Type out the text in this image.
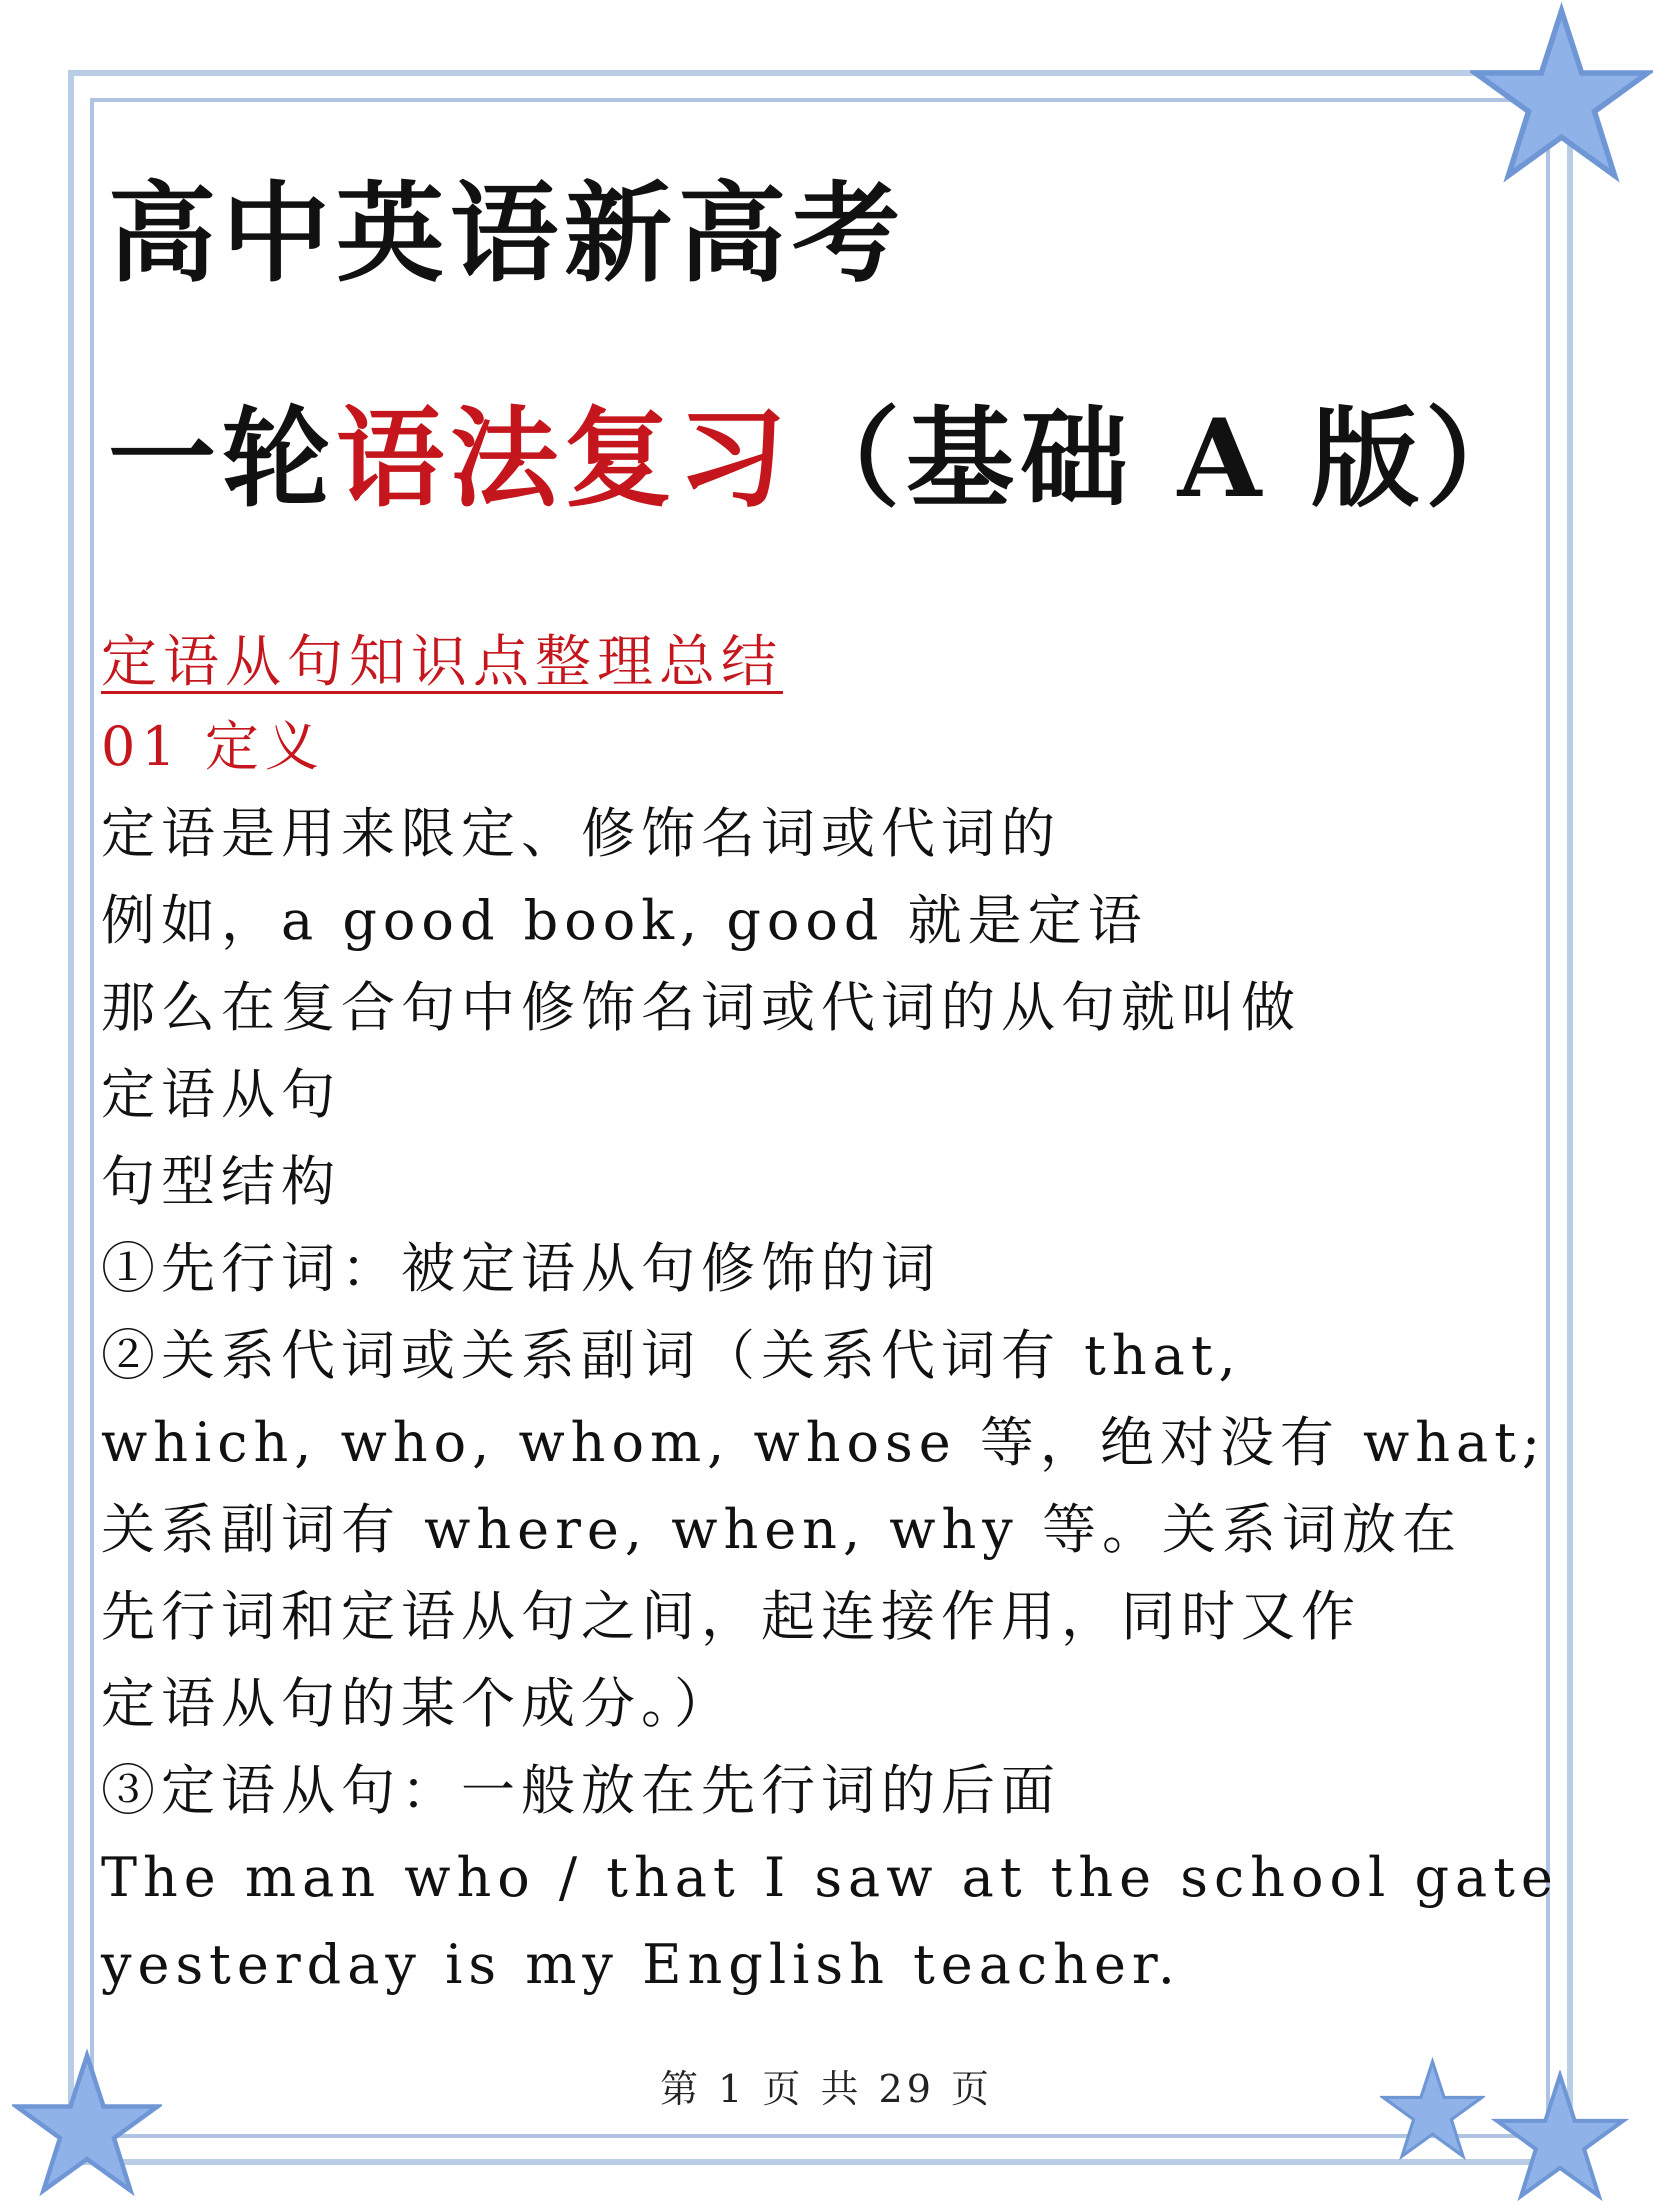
高中英语新高考
一轮语法复习（基础 A 版）
定语从句知识点整理总结
01 定义
定语是用来限定、修饰名词或代词的
例如，a good book, good 就是定语
那么在复合句中修饰名词或代词的从句就叫做
定语从句
句型结构
①先行词：被定语从句修饰的词
②关系代词或关系副词（关系代词有 that,
which, who, whom, whose 等，绝对没有 what;
关系副词有 where, when, why 等。关系词放在
先行词和定语从句之间，起连接作用，同时又作
定语从句的某个成分。）
③定语从句：一般放在先行词的后面
The man who / that I saw at the school gate
yesterday is my English teacher.
第 1 页 共 29 页
